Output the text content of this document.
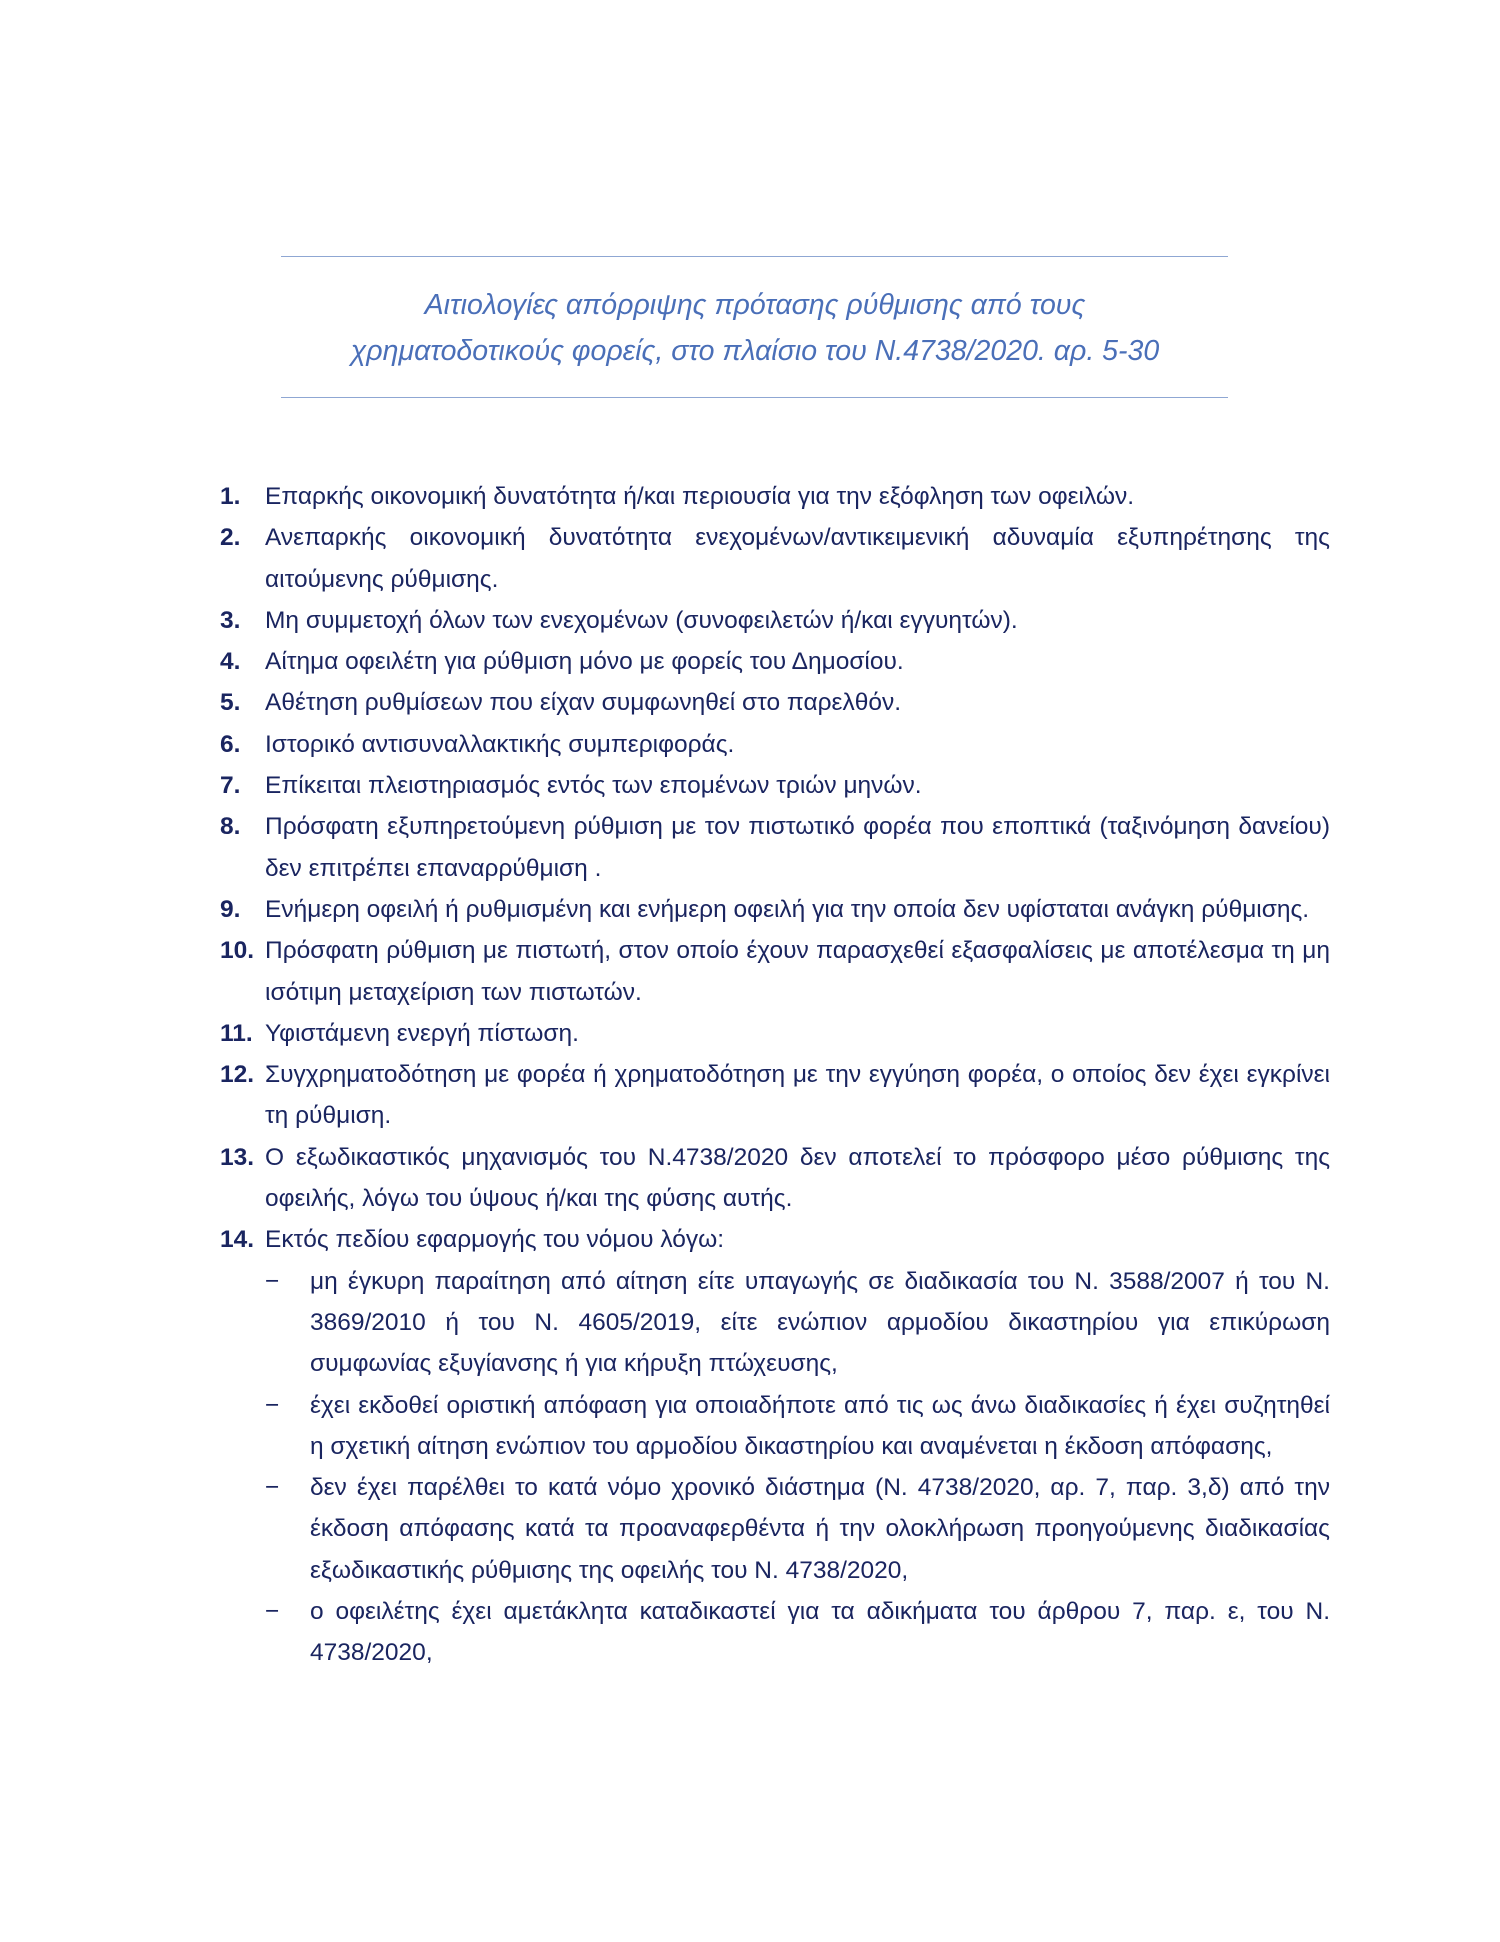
Αιτιολογίες απόρριψης πρότασης ρύθμισης από τους
χρηματοδοτικούς φορείς, στο πλαίσιο του Ν.4738/2020. αρ. 5-30
1. Επαρκής οικονομική δυνατότητα ή/και περιουσία για την εξόφληση των οφειλών.
2. Ανεπαρκής οικονομική δυνατότητα ενεχομένων/αντικειμενική αδυναμία εξυπηρέτησης της αιτούμενης ρύθμισης.
3. Μη συμμετοχή όλων των ενεχομένων (συνοφειλετών ή/και εγγυητών).
4. Αίτημα οφειλέτη για ρύθμιση μόνο με φορείς του Δημοσίου.
5. Αθέτηση ρυθμίσεων που είχαν συμφωνηθεί στο παρελθόν.
6. Ιστορικό αντισυναλλακτικής συμπεριφοράς.
7. Επίκειται πλειστηριασμός εντός των επομένων τριών μηνών.
8. Πρόσφατη εξυπηρετούμενη ρύθμιση με τον πιστωτικό φορέα που εποπτικά (ταξινόμηση δανείου) δεν επιτρέπει επαναρρύθμιση .
9. Ενήμερη οφειλή ή ρυθμισμένη και ενήμερη οφειλή για την οποία δεν υφίσταται ανάγκη ρύθμισης.
10. Πρόσφατη ρύθμιση με πιστωτή, στον οποίο έχουν παρασχεθεί εξασφαλίσεις με αποτέλεσμα τη μη ισότιμη μεταχείριση των πιστωτών.
11. Υφιστάμενη ενεργή πίστωση.
12. Συγχρηματοδότηση με φορέα ή χρηματοδότηση με την εγγύηση φορέα, ο οποίος δεν έχει εγκρίνει τη ρύθμιση.
13. Ο εξωδικαστικός μηχανισμός του Ν.4738/2020 δεν αποτελεί το πρόσφορο μέσο ρύθμισης της οφειλής, λόγω του ύψους ή/και της φύσης αυτής.
14. Εκτός πεδίου εφαρμογής του νόμου λόγω:
− μη έγκυρη παραίτηση από αίτηση είτε υπαγωγής σε διαδικασία του Ν. 3588/2007 ή του Ν. 3869/2010 ή του Ν. 4605/2019, είτε ενώπιον αρμοδίου δικαστηρίου για επικύρωση συμφωνίας εξυγίανσης ή για κήρυξη πτώχευσης,
− έχει εκδοθεί οριστική απόφαση για οποιαδήποτε από τις ως άνω διαδικασίες ή έχει συζητηθεί η σχετική αίτηση ενώπιον του αρμοδίου δικαστηρίου και αναμένεται η έκδοση απόφασης,
− δεν έχει παρέλθει το κατά νόμο χρονικό διάστημα (Ν. 4738/2020, αρ. 7, παρ. 3,δ) από την έκδοση απόφασης κατά τα προαναφερθέντα ή την ολοκλήρωση προηγούμενης διαδικασίας εξωδικαστικής ρύθμισης της οφειλής του Ν. 4738/2020,
− ο οφειλέτης έχει αμετάκλητα καταδικαστεί για τα αδικήματα του άρθρου 7, παρ. ε, του Ν. 4738/2020,
